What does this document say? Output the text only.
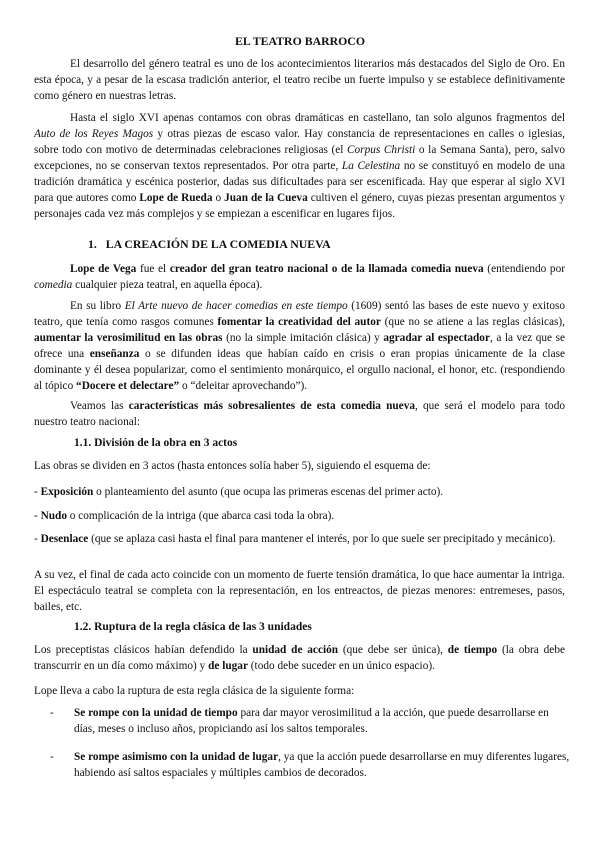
EL TEATRO BARROCO

El desarrollo del género teatral es uno de los acontecimientos literarios más destacados del Siglo de Oro. En esta época, y a pesar de la escasa tradición anterior, el teatro recibe un fuerte impulso y se establece definitivamente como género en nuestras letras.

Hasta el siglo XVI apenas contamos con obras dramáticas en castellano, tan solo algunos fragmentos del Auto de los Reyes Magos y otras piezas de escaso valor. Hay constancia de representaciones en calles o iglesias, sobre todo con motivo de determinadas celebraciones religiosas (el Corpus Christi o la Semana Santa), pero, salvo excepciones, no se conservan textos representados. Por otra parte, La Celestina no se constituyó en modelo de una tradición dramática y escénica posterior, dadas sus dificultades para ser escenificada. Hay que esperar al siglo XVI para que autores como Lope de Rueda o Juan de la Cueva cultiven el género, cuyas piezas presentan argumentos y personajes cada vez más complejos y se empiezan a escenificar en lugares fijos.

1.   LA CREACIÓN DE LA COMEDIA NUEVA

Lope de Vega fue el creador del gran teatro nacional o de la llamada comedia nueva (entendiendo por comedia cualquier pieza teatral, en aquella época).

En su libro El Arte nuevo de hacer comedias en este tiempo (1609) sentó las bases de este nuevo y exitoso teatro, que tenía como rasgos comunes fomentar la creatividad del autor (que no se atiene a las reglas clásicas), aumentar la verosimilitud en las obras (no la simple imitación clásica) y agradar al espectador, a la vez que se ofrece una enseñanza o se difunden ideas que habían caído en crisis o eran propias únicamente de la clase dominante y él desea popularizar, como el sentimiento monárquico, el orgullo nacional, el honor, etc. (respondiendo al tópico “Docere et delectare” o “deleitar aprovechando”).

Veamos las características más sobresalientes de esta comedia nueva, que será el modelo para todo nuestro teatro nacional:

1.1. División de la obra en 3 actos

Las obras se dividen en 3 actos (hasta entonces solía haber 5), siguiendo el esquema de:

- Exposición o planteamiento del asunto (que ocupa las primeras escenas del primer acto).

- Nudo o complicación de la intriga (que abarca casi toda la obra).

- Desenlace (que se aplaza casi hasta el final para mantener el interés, por lo que suele ser precipitado y mecánico).

A su vez, el final de cada acto coincide con un momento de fuerte tensión dramática, lo que hace aumentar la intriga. El espectáculo teatral se completa con la representación, en los entreactos, de piezas menores: entremeses, pasos, bailes, etc.

1.2. Ruptura de la regla clásica de las 3 unidades

Los preceptistas clásicos habían defendido la unidad de acción (que debe ser única), de tiempo (la obra debe transcurrir en un día como máximo) y de lugar (todo debe suceder en un único espacio).

Lope lleva a cabo la ruptura de esta regla clásica de la siguiente forma:

- Se rompe con la unidad de tiempo para dar mayor verosimilitud a la acción, que puede desarrollarse en días, meses o incluso años, propiciando así los saltos temporales.
- Se rompe asimismo con la unidad de lugar, ya que la acción puede desarrollarse en muy diferentes lugares, habiendo así saltos espaciales y múltiples cambios de decorados.
